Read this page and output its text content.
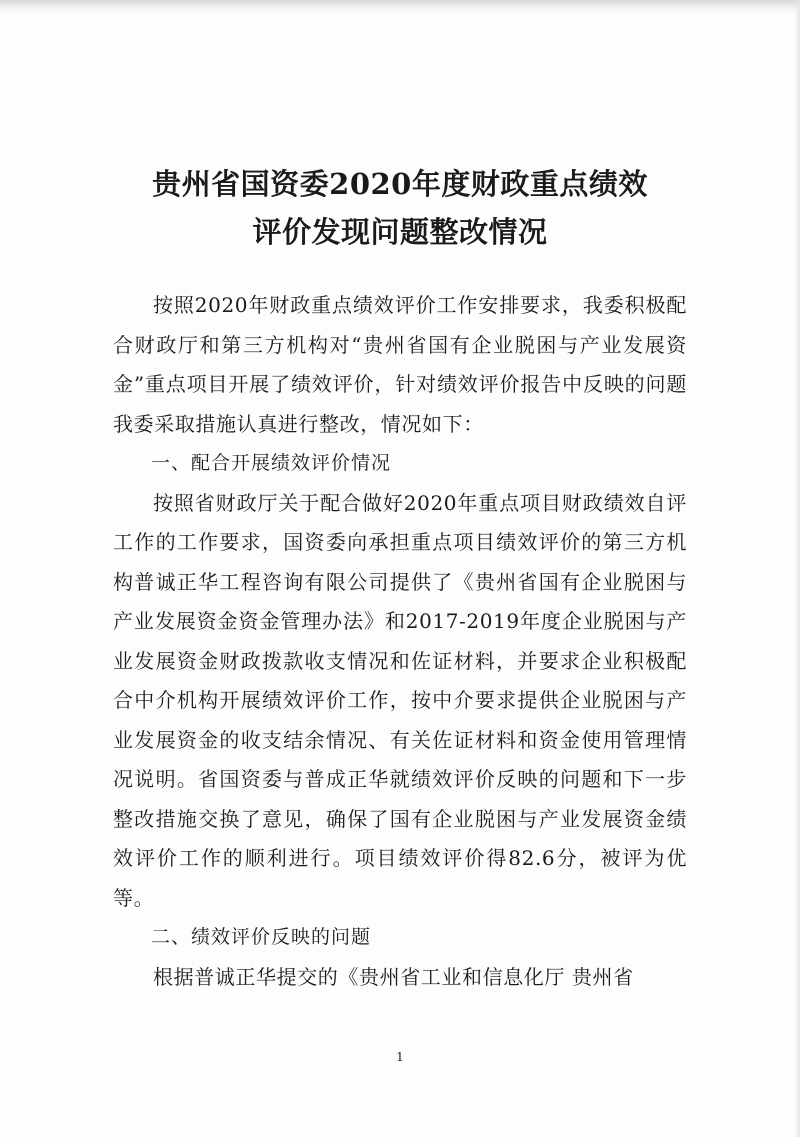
贵州省国资委2020年度财政重点绩效
评价发现问题整改情况

按照2020年财政重点绩效评价工作安排要求，我委积极配合财政厅和第三方机构对“贵州省国有企业脱困与产业发展资金”重点项目开展了绩效评价，针对绩效评价报告中反映的问题我委采取措施认真进行整改，情况如下：

一、配合开展绩效评价情况

按照省财政厅关于配合做好2020年重点项目财政绩效自评工作的工作要求，国资委向承担重点项目绩效评价的第三方机构普诚正华工程咨询有限公司提供了《贵州省国有企业脱困与产业发展资金资金管理办法》和2017-2019年度企业脱困与产业发展资金财政拨款收支情况和佐证材料，并要求企业积极配合中介机构开展绩效评价工作，按中介要求提供企业脱困与产业发展资金的收支结余情况、有关佐证材料和资金使用管理情况说明。省国资委与普成正华就绩效评价反映的问题和下一步整改措施交换了意见，确保了国有企业脱困与产业发展资金绩效评价工作的顺利进行。项目绩效评价得82.6分，被评为优等。

二、绩效评价反映的问题

根据普诚正华提交的《贵州省工业和信息化厅 贵州省

1
